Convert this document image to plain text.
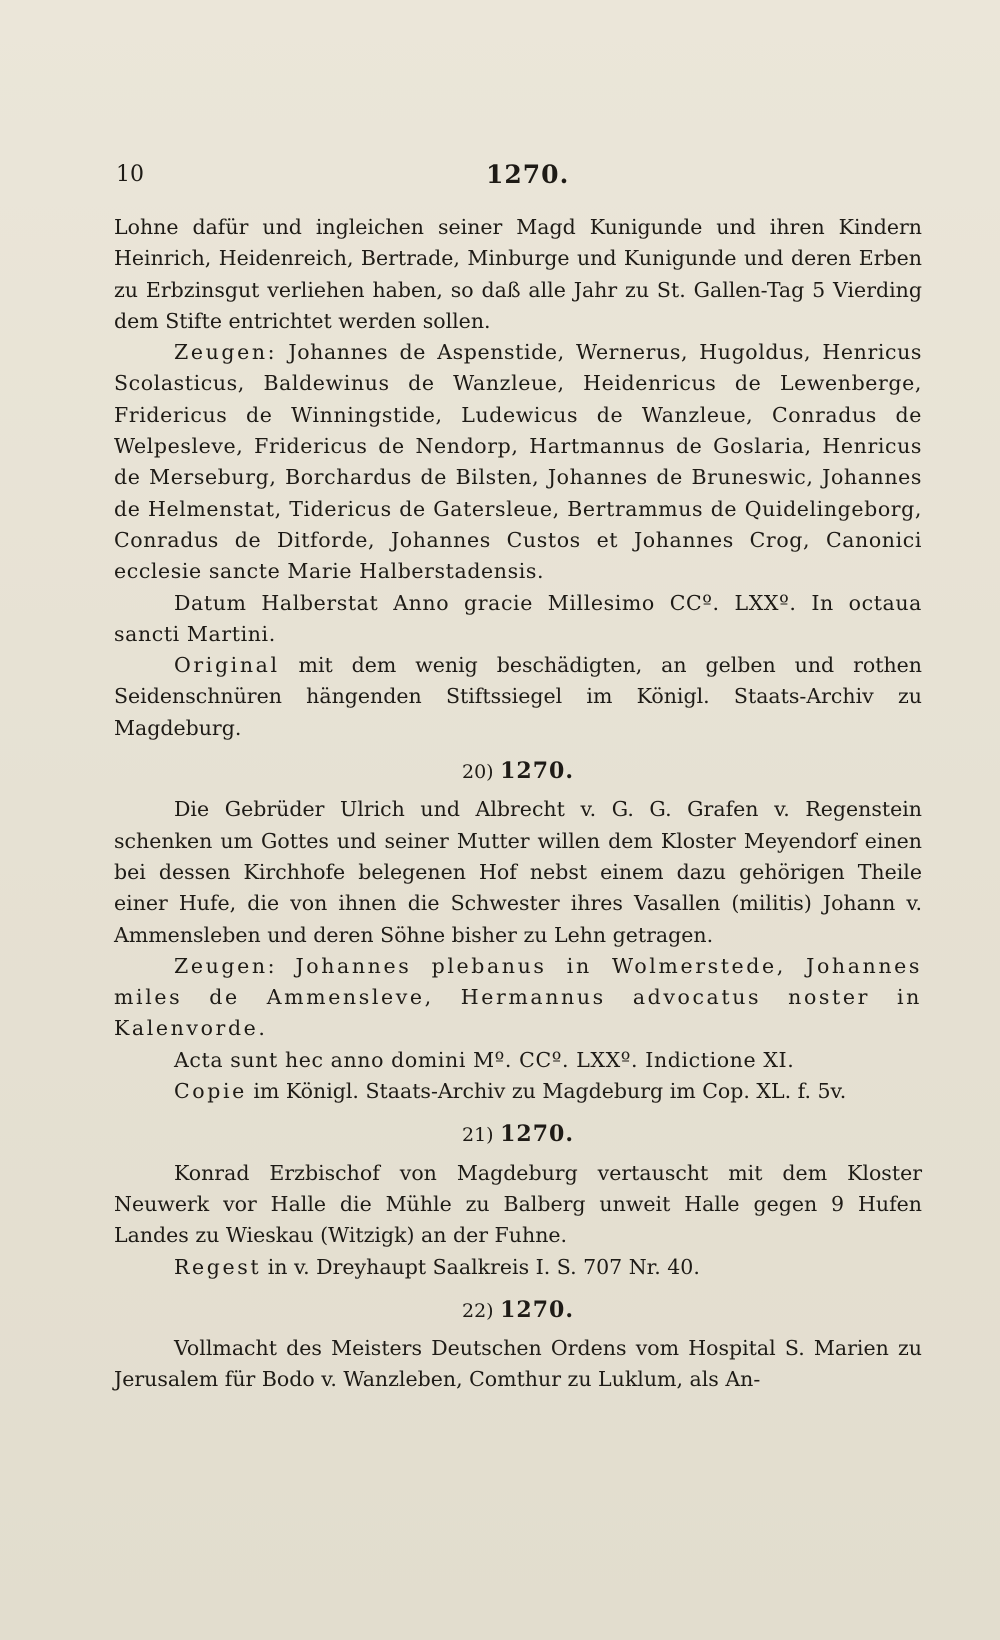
10	1270.

Lohne dafür und ingleichen seiner Magd Kunigunde und ihren Kindern Heinrich, Heidenreich, Bertrade, Minburge und Kunigunde und deren Erben zu Erbzinsgut verliehen haben, so daß alle Jahr zu St. Gallen-Tag 5 Vierding dem Stifte entrichtet werden sollen.

Zeugen: Johannes de Aspenstide, Wernerus, Hugoldus, Henricus Scolasticus, Baldewinus de Wanzleue, Heidenricus de Lewenberge, Fridericus de Winningstide, Ludewicus de Wanzleue, Conradus de Welpesleve, Fridericus de Nendorp, Hartmannus de Goslaria, Henricus de Merseburg, Borchardus de Bilsten, Johannes de Bruneswic, Johannes de Helmenstat, Tidericus de Gatersleue, Bertrammus de Quidelingeborg, Conradus de Ditforde, Johannes Custos et Johannes Crog, Canonici ecclesie sancte Marie Halberstadensis.

Datum Halberstat Anno gracie Millesimo CCº. LXXº. In octaua sancti Martini.

Original mit dem wenig beschädigten, an gelben und rothen Seidenschnüren hängenden Stiftssiegel im Königl. Staats-Archiv zu Magdeburg.

20) 1270.

Die Gebrüder Ulrich und Albrecht v. G. G. Grafen v. Regenstein schenken um Gottes und seiner Mutter willen dem Kloster Meyendorf einen bei dessen Kirchhofe belegenen Hof nebst einem dazu gehörigen Theile einer Hufe, die von ihnen die Schwester ihres Vasallen (militis) Johann v. Ammensleben und deren Söhne bisher zu Lehn getragen.

Zeugen: Johannes plebanus in Wolmerstede, Johannes miles de Ammensleve, Hermannus advocatus noster in Kalenvorde.

Acta sunt hec anno domini Mº. CCº. LXXº. Indictione XI.

Copie im Königl. Staats-Archiv zu Magdeburg im Cop. XL. f. 5v.

21) 1270.

Konrad Erzbischof von Magdeburg vertauscht mit dem Kloster Neuwerk vor Halle die Mühle zu Balberg unweit Halle gegen 9 Hufen Landes zu Wieskau (Witzigk) an der Fuhne.

Regest in v. Dreyhaupt Saalkreis I. S. 707 Nr. 40.

22) 1270.

Vollmacht des Meisters Deutschen Ordens vom Hospital S. Marien zu Jerusalem für Bodo v. Wanzleben, Comthur zu Luklum, als An-
